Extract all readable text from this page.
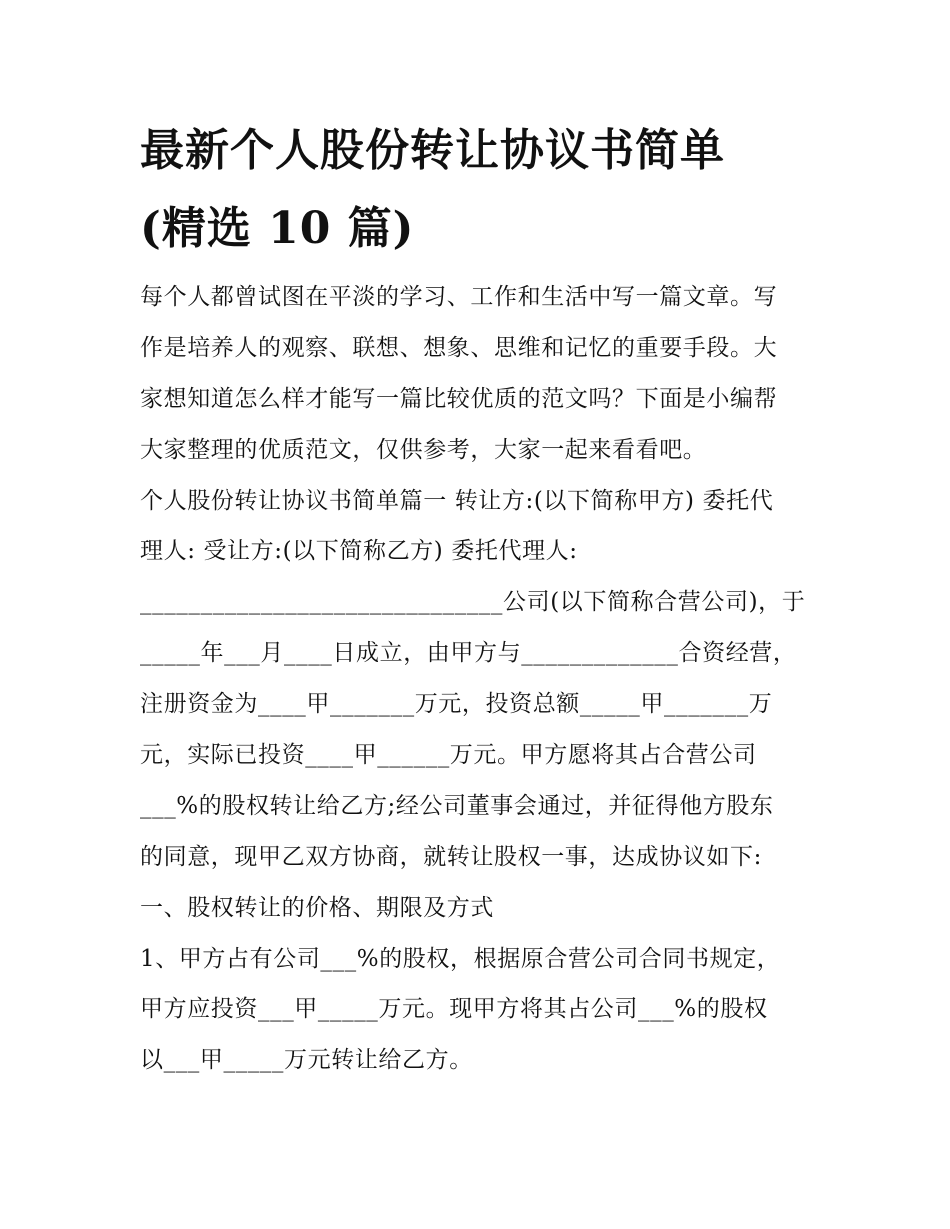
最新个人股份转让协议书简单
(精选 10 篇)
每个人都曾试图在平淡的学习、工作和生活中写一篇文章。写
作是培养人的观察、联想、想象、思维和记忆的重要手段。大
家想知道怎么样才能写一篇比较优质的范文吗？下面是小编帮
大家整理的优质范文，仅供参考，大家一起来看看吧。
个人股份转让协议书简单篇一 转让方:(以下简称甲方) 委托代
理人: 受让方:(以下简称乙方) 委托代理人:
______________________________公司(以下简称合营公司)，于
_____年___月____日成立，由甲方与_____________合资经营，
注册资金为____甲_______万元，投资总额_____甲_______万
元，实际已投资____甲______万元。甲方愿将其占合营公司
___%的股权转让给乙方;经公司董事会通过，并征得他方股东
的同意，现甲乙双方协商，就转让股权一事，达成协议如下:
一、股权转让的价格、期限及方式
1、甲方占有公司___%的股权，根据原合营公司合同书规定，
甲方应投资___甲_____万元。现甲方将其占公司___%的股权
以___甲_____万元转让给乙方。
